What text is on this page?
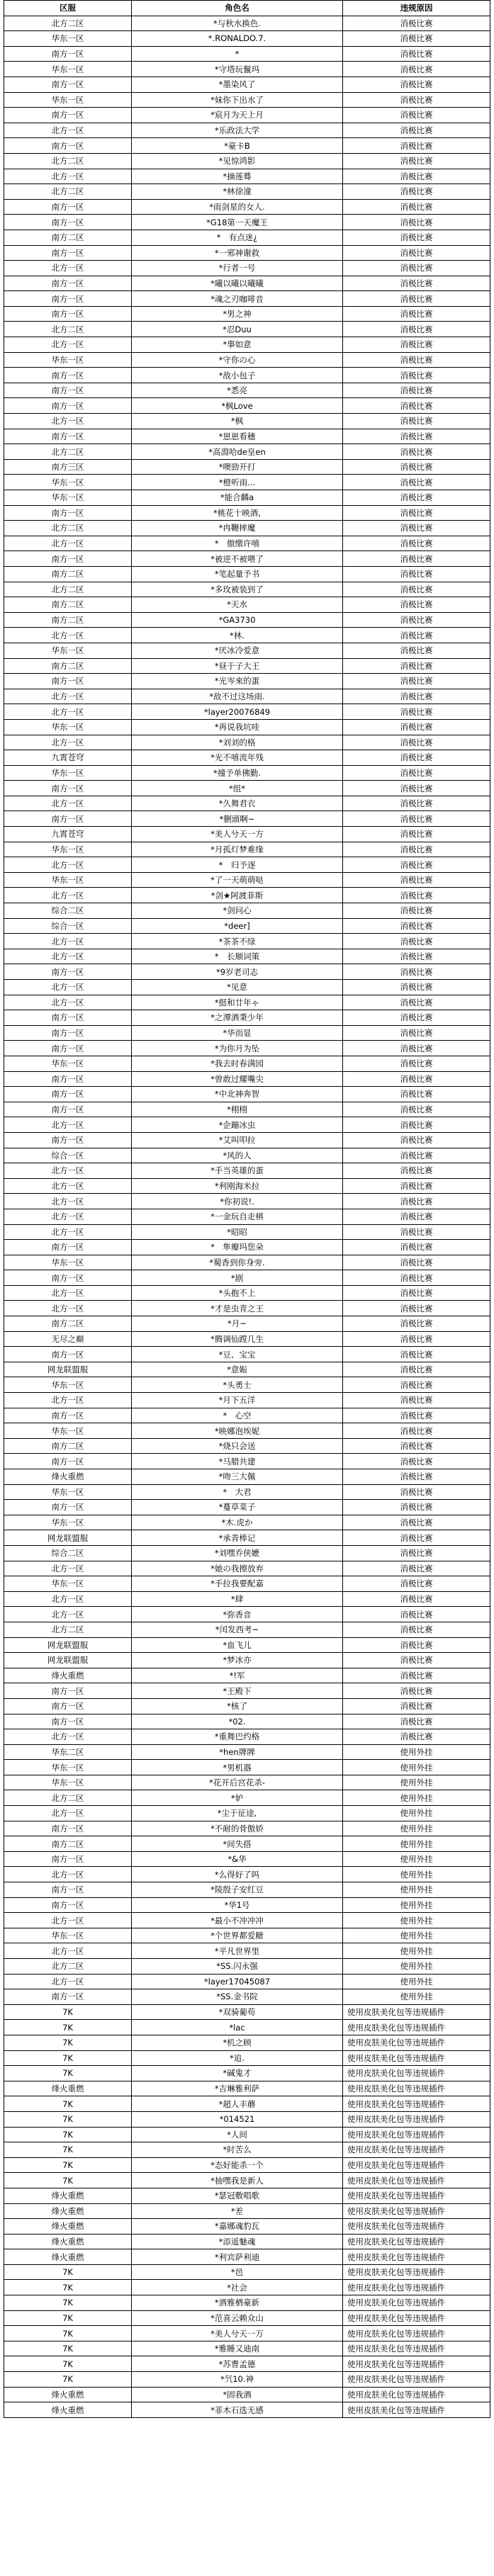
区服	角色名	违规原因
北方二区	*与秋水换色.	消极比赛
华东一区	*.RONALDO.7.	消极比赛
南方一区	*	消极比赛
华东一区	*守塔玩鬣玛	消极比赛
南方一区	*墨染风了	消极比赛
华东一区	*妹你下出水了	消极比赛
南方一区	*宸月为天上月	消极比赛
北方一区	*乐政法大学	消极比赛
南方一区	*豪卡B	消极比赛
北方二区	*见惊鸿影	消极比赛
北方一区	*摘莲蓦	消极比赛
北方二区	*林徐潼	消极比赛
南方一区	*雨剑星的女人.	消极比赛
南方一区	*G18第一天魔王	消极比赛
南方二区	*　有点迷¿	消极比赛
南方一区	*一邪神谢救	消极比赛
北方一区	*行者一号	消极比赛
南方一区	*曦以曦以曦曦	消极比赛
南方一区	*魂之刃咖啡音	消极比赛
南方一区	*男之神	消极比赛
北方二区	*忍Duu	消极比赛
北方一区	*事如意	消极比赛
华东一区	*守你の心	消极比赛
南方一区	*敌小包子	消极比赛
南方一区	*悉亮	消极比赛
南方一区	*枫Love	消极比赛
北方一区	*枫	消极比赛
南方一区	*崽崽看穗	消极比赛
北方二区	*高淵哈de皇en	消极比赛
南方三区	*噢勁开打	消极比赛
华东一区	*橙听雨...	消极比赛
华东一区	*能合麟a	消极比赛
南方一区	*桃花十映酒,	消极比赛
北方二区	*冉鞭摔魔	消极比赛
北方一区	*　傲缴许嘻	消极比赛
南方一区	*被逆不被喂了	消极比赛
南方二区	*笔起量予书	消极比赛
北方二区	*多玫被装到了	消极比赛
南方二区	*天水	消极比赛
南方二区	*GA3730	消极比赛
北方一区	*林.	消极比赛
华东一区	*厌冰冷爱意	消极比赛
南方二区	*昼于子大王	消极比赛
南方一区	*光岑來的蛋	消极比赛
北方一区	*敌不过这场雨.	消极比赛
北方一区	*layer20076849	消极比赛
华东一区	*再说我坑哇	消极比赛
北方一区	*刘刘的格	消极比赛
九霄苍穹	*光不嘻流年残	消极比赛
华东一区	*撞予单佛勤.	消极比赛
南方一区	*组*	消极比赛
北方一区	*久舞君衣	消极比赛
南方一区	*删頭啊~	消极比赛
九霄苍穹	*美人兮天一方	消极比赛
华东一区	*月孤灯梦难缘	消极比赛
北方一区	*　归予逐	消极比赛
华东一区	*了一天萌萌哒	消极比赛
北方一区	*剑★阿渡菲斯	消极比赛
综合二区	*剑问心	消极比赛
综合一区	*deer]	消极比赛
北方一区	*茶茶不绿	消极比赛
北方一区	*　长顺词策	消极比赛
南方一区	*9岁老司志	消极比赛
北方一区	*见意	消极比赛
北方一区	*挺和廿年ゃ	消极比赛
南方一区	*之潭酒秉少年	消极比赛
南方一区	*华而显	消极比赛
南方一区	*为你月为坠	消极比赛
华东一区	*我去时春满园	消极比赛
南方一区	*曾敢过耀嘴尖	消极比赛
南方一区	*中北神奔智	消极比赛
南方一区	*栩栩	消极比赛
北方一区	*企蹦冰虫	消极比赛
南方一区	*艾叫叩拉	消极比赛
综合一区	*风的人	消极比赛
北方一区	*手当英雄的蛋	消极比赛
北方一区	*利刚海米拉	消极比赛
北方一区	*你初说!.	消极比赛
北方一区	*一金玩自走棋	消极比赛
北方一区	*昭昭	消极比赛
南方一区	*　隼瓣玛您朵	消极比赛
华东一区	*蜀香到你身旁.	消极比赛
南方一区	*剧	消极比赛
北方一区	*头抱不上	消极比赛
北方一区	*才是虫青之王	消极比赛
南方二区	*月~	消极比赛
无尽之巅	*腾调仙蹚几生	消极比赛
南方一区	*豆、宝宝	消极比赛
网龙联盟服	*意娠	消极比赛
华东一区	*头勇士	消极比赛
北方一区	*月下五洋	消极比赛
南方一区	*　心空	消极比赛
华东一区	*映娜泡埃妮	消极比赛
南方二区	*烧只会送	消极比赛
南方一区	*马腊共建	消极比赛
烽火重燃	*吻三大佩	消极比赛
华东一区	*　大君	消极比赛
南方一区	*蔓草菜子	消极比赛
华东一区	*木.虎か	消极比赛
网龙联盟服	*承青棒记	消极比赛
综合二区	*刘嘿乔侠嬷	消极比赛
北方一区	*她の我擦放弃	消极比赛
华东一区	*手拉我要配嘉	消极比赛
北方一区	*肆	消极比赛
北方一区	*弥香音	消极比赛
北方二区	*闰发西考~	消极比赛
网龙联盟服	*血飞儿	消极比赛
网龙联盟服	*梦冰亦	消极比赛
烽火重燃	*!军	消极比赛
南方一区	*王殿下	消极比赛
南方一区	*核了	消极比赛
南方一区	*02.	消极比赛
北方一区	*重舞巴约格	消极比赛
华东二区	*hen牌牌	使用外挂
华东一区	*男机器	使用外挂
华东一区	*花开后宫花杀-	使用外挂
北方二区	*妒	使用外挂
北方一区	*尘于征途,	使用外挂
南方一区	*不耐的骨傲娇	使用外挂
南方二区	*间失搭	使用外挂
南方一区	*&华	使用外挂
北方一区	*么得好了吗	使用外挂
南方一区	*陵殷子安红豆	使用外挂
南方一区	*华1号	使用外挂
北方一区	*最小不冲冲冲	使用外挂
华东一区	*个世界都爱糖	使用外挂
北方一区	*平凡世界里	使用外挂
北方二区	*SS.闪永强	使用外挂
北方一区	*layer17045087	使用外挂
南方一区	*SS.金书院	使用外挂
7K	*双骑葡苟	使用皮肤美化包等违规插件
7K	*lac	使用皮肤美化包等违规插件
7K	*机之顾	使用皮肤美化包等违规插件
7K	*追.	使用皮肤美化包等违规插件
7K	*碱鬼才	使用皮肤美化包等违规插件
烽火重燃	*吉琳雅利萨	使用皮肤美化包等违规插件
7K	*超人丰蘑	使用皮肤美化包等违规插件
7K	*014521	使用皮肤美化包等违规插件
7K	*人间	使用皮肤美化包等违规插件
7K	*时苦么	使用皮肤美化包等违规插件
7K	*态好能杀一个	使用皮肤美化包等违规插件
7K	*抽嘿我是新人	使用皮肤美化包等违规插件
烽火重燃	*瑟冠敷唱歌	使用皮肤美化包等违规插件
烽火重燃	*差	使用皮肤美化包等违规插件
烽火重燃	*嘉娜魂豹瓦	使用皮肤美化包等违规插件
烽火重燃	*添遥魅魂	使用皮肤美化包等违规插件
烽火重燃	*利宾萨利迪	使用皮肤美化包等违规插件
7K	*邑	使用皮肤美化包等违规插件
7K	*社会	使用皮肤美化包等违规插件
7K	*酒雅栖豪新	使用皮肤美化包等违规插件
7K	*范喜云赖众山	使用皮肤美化包等违规插件
7K	*美人兮天一万	使用皮肤美化包等违规插件
7K	*雅睡又迪南	使用皮肤美化包等违规插件
7K	*苏曹孟德	使用皮肤美化包等违规插件
7K	*氕10.神	使用皮肤美化包等违规插件
烽火重燃	*固我酒	使用皮肤美化包等违规插件
烽火重燃	*菲木石选无感	使用皮肤美化包等违规插件
